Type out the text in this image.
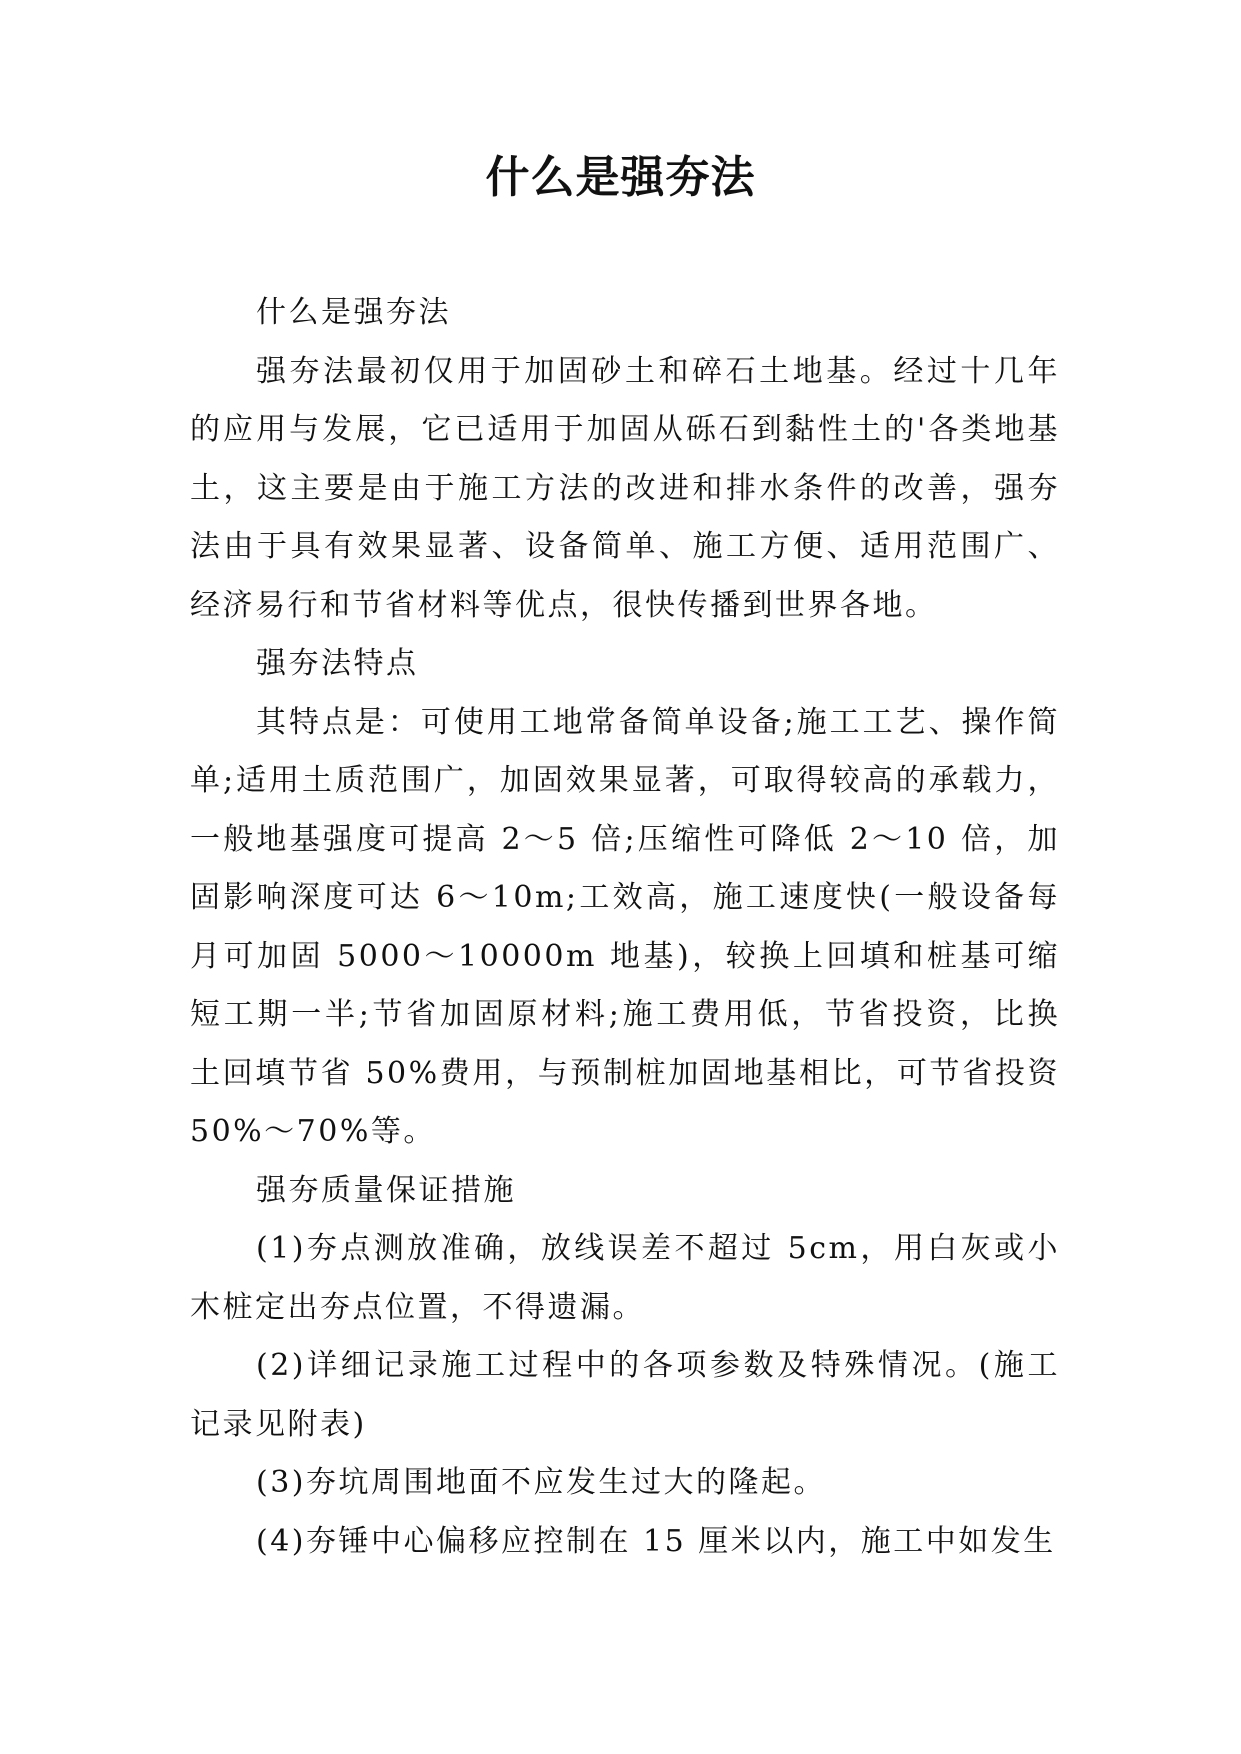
什么是强夯法

什么是强夯法

强夯法最初仅用于加固砂土和碎石土地基。经过十几年的应用与发展，它已适用于加固从砾石到黏性土的'各类地基土，这主要是由于施工方法的改进和排水条件的改善，强夯法由于具有效果显著、设备简单、施工方便、适用范围广、经济易行和节省材料等优点，很快传播到世界各地。

强夯法特点

其特点是：可使用工地常备简单设备;施工工艺、操作简单;适用土质范围广，加固效果显著，可取得较高的承载力，一般地基强度可提高 2～5 倍;压缩性可降低 2～10 倍，加固影响深度可达 6～10m;工效高，施工速度快(一般设备每月可加固 5000～10000m 地基)，较换上回填和桩基可缩短工期一半;节省加固原材料;施工费用低，节省投资，比换土回填节省 50%费用，与预制桩加固地基相比，可节省投资 50%～70%等。

强夯质量保证措施

(1)夯点测放准确，放线误差不超过 5cm，用白灰或小木桩定出夯点位置，不得遗漏。

(2)详细记录施工过程中的各项参数及特殊情况。(施工记录见附表)

(3)夯坑周围地面不应发生过大的隆起。

(4)夯锤中心偏移应控制在 15 厘米以内，施工中如发生
